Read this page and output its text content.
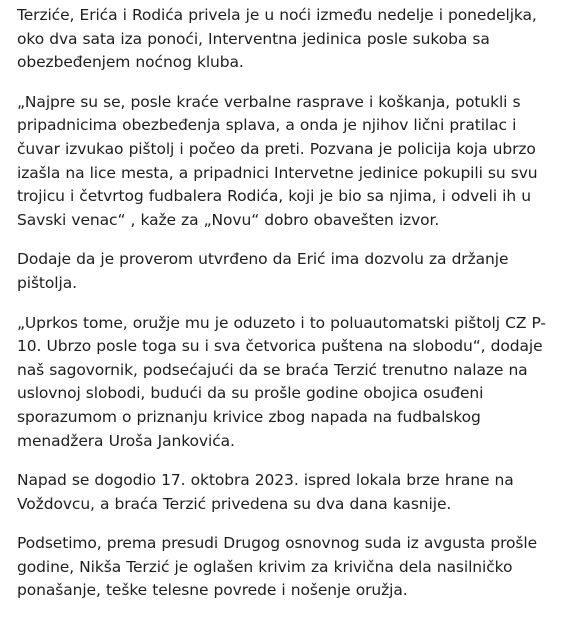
Terziće, Erića i Rodića privela je u noći između nedelje i ponedeljka, oko dva sata iza ponoći, Interventna jedinica posle sukoba sa obezbeđenjem noćnog kluba.

„Najpre su se, posle kraće verbalne rasprave i koškanja, potukli s pripadnicima obezbeđenja splava, a onda je njihov lični pratilac i čuvar izvukao pištolj i počeo da preti. Pozvana je policija koja ubrzo izašla na lice mesta, a pripadnici Intervetne jedinice pokupili su svu trojicu i četvrtog fudbalera Rodića, koji je bio sa njima, i odveli ih u Savski venac“ , kaže za „Novu“ dobro obavešten izvor.

Dodaje da je proverom utvrđeno da Erić ima dozvolu za držanje pištolja.

„Uprkos tome, oružje mu je oduzeto i to poluautomatski pištolj CZ P-10. Ubrzo posle toga su i sva četvorica puštena na slobodu“, dodaje naš sagovornik, podsećajući da se braća Terzić trenutno nalaze na uslovnoj slobodi, budući da su prošle godine obojica osuđeni sporazumom o priznanju krivice zbog napada na fudbalskog menadžera Uroša Jankovića.

Napad se dogodio 17. oktobra 2023. ispred lokala brze hrane na Voždovcu, a braća Terzić privedena su dva dana kasnije.

Podsetimo, prema presudi Drugog osnovnog suda iz avgusta prošle godine, Nikša Terzić je oglašen krivim za krivična dela nasilničko ponašanje, teške telesne povrede i nošenje oružja.
